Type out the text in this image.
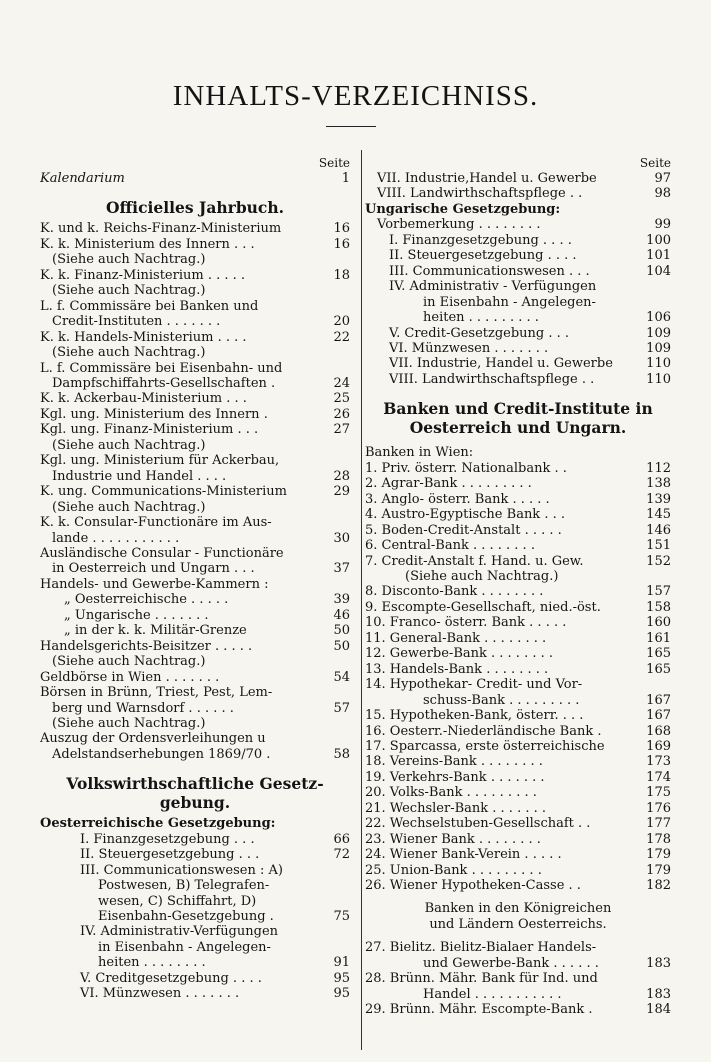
INHALTS-VERZEICHNISS.
Seite
Kalendarium	1
Officielles Jahrbuch.
K. und k. Reichs-Finanz-Ministerium	16
K. k. Ministerium des Innern . . .	16
(Siehe auch Nachtrag.)
K. k. Finanz-Ministerium . . . . .	18
(Siehe auch Nachtrag.)
L. f. Commissäre bei Banken und
Credit-Instituten . . . . . . .	20
K. k. Handels-Ministerium . . . .	22
(Siehe auch Nachtrag.)
L. f. Commissäre bei Eisenbahn- und
Dampfschiffahrts-Gesellschaften .	24
K. k. Ackerbau-Ministerium . . .	25
Kgl. ung. Ministerium des Innern .	26
Kgl. ung. Finanz-Ministerium . . .	27
(Siehe auch Nachtrag.)
Kgl. ung. Ministerium für Ackerbau,
Industrie und Handel . . . .	28
K. ung. Communications-Ministerium	29
(Siehe auch Nachtrag.)
K. k. Consular-Functionäre im Aus-
lande . . . . . . . . . . .	30
Ausländische Consular - Functionäre
in Oesterreich und Ungarn . . .	37
Handels- und Gewerbe-Kammern :
„ Oesterreichische . . . . .	39
„ Ungarische . . . . . . .	46
„ in der k. k. Militär-Grenze	50
Handelsgerichts-Beisitzer . . . . .	50
(Siehe auch Nachtrag.)
Geldbörse in Wien . . . . . . .	54
Börsen in Brünn, Triest, Pest, Lem-
berg und Warnsdorf . . . . . .	57
(Siehe auch Nachtrag.)
Auszug der Ordensverleihungen u
Adelstandserhebungen 1869/70 .	58
Volkswirthschaftliche Gesetz-
gebung.
Oesterreichische Gesetzgebung:
I. Finanzgesetzgebung . . .	66
II. Steuergesetzgebung . . .	72
III. Communicationswesen : A)
Postwesen, B) Telegrafen-
wesen, C) Schiffahrt, D)
Eisenbahn-Gesetzgebung .	75
IV. Administrativ-Verfügungen
in Eisenbahn - Angelegen-
heiten . . . . . . . .	91
V. Creditgesetzgebung . . . .	95
VI. Münzwesen . . . . . . .	95
Seite
VII. Industrie,Handel u. Gewerbe	97
VIII. Landwirthschaftspflege . .	98
Ungarische Gesetzgebung:
Vorbemerkung . . . . . . . .	99
I. Finanzgesetzgebung . . . .	100
II. Steuergesetzgebung . . . .	101
III. Communicationswesen . . .	104
IV. Administrativ - Verfügungen
in Eisenbahn - Angelegen-
heiten . . . . . . . . .	106
V. Credit-Gesetzgebung . . .	109
VI. Münzwesen . . . . . . .	109
VII. Industrie, Handel u. Gewerbe	110
VIII. Landwirthschaftspflege . .	110
Banken und Credit-Institute in
Oesterreich und Ungarn.
Banken in Wien:
1. Priv. österr. Nationalbank . .	112
2. Agrar-Bank . . . . . . . . .	138
3. Anglo- österr. Bank . . . . .	139
4. Austro-Egyptische Bank . . .	145
5. Boden-Credit-Anstalt . . . . .	146
6. Central-Bank . . . . . . . .	151
7. Credit-Anstalt f. Hand. u. Gew.	152
(Siehe auch Nachtrag.)
8. Disconto-Bank . . . . . . . .	157
9. Escompte-Gesellschaft, nied.-öst.	158
10. Franco- österr. Bank . . . . .	160
11. General-Bank . . . . . . . .	161
12. Gewerbe-Bank . . . . . . . .	165
13. Handels-Bank . . . . . . . .	165
14. Hypothekar- Credit- und Vor-
schuss-Bank . . . . . . . . .	167
15. Hypotheken-Bank, österr. . . .	167
16. Oesterr.-Niederländische Bank .	168
17. Sparcassa, erste österreichische	169
18. Vereins-Bank . . . . . . . .	173
19. Verkehrs-Bank . . . . . . .	174
20. Volks-Bank . . . . . . . . .	175
21. Wechsler-Bank . . . . . . .	176
22. Wechselstuben-Gesellschaft . .	177
23. Wiener Bank . . . . . . . .	178
24. Wiener Bank-Verein . . . . .	179
25. Union-Bank . . . . . . . . .	179
26. Wiener Hypotheken-Casse . .	182
Banken in den Königreichen
und Ländern Oesterreichs.
27. Bielitz. Bielitz-Bialaer Handels-
und Gewerbe-Bank . . . . . .	183
28. Brünn. Mähr. Bank für Ind. und
Handel . . . . . . . . . . .	183
29. Brünn. Mähr. Escompte-Bank .	184
